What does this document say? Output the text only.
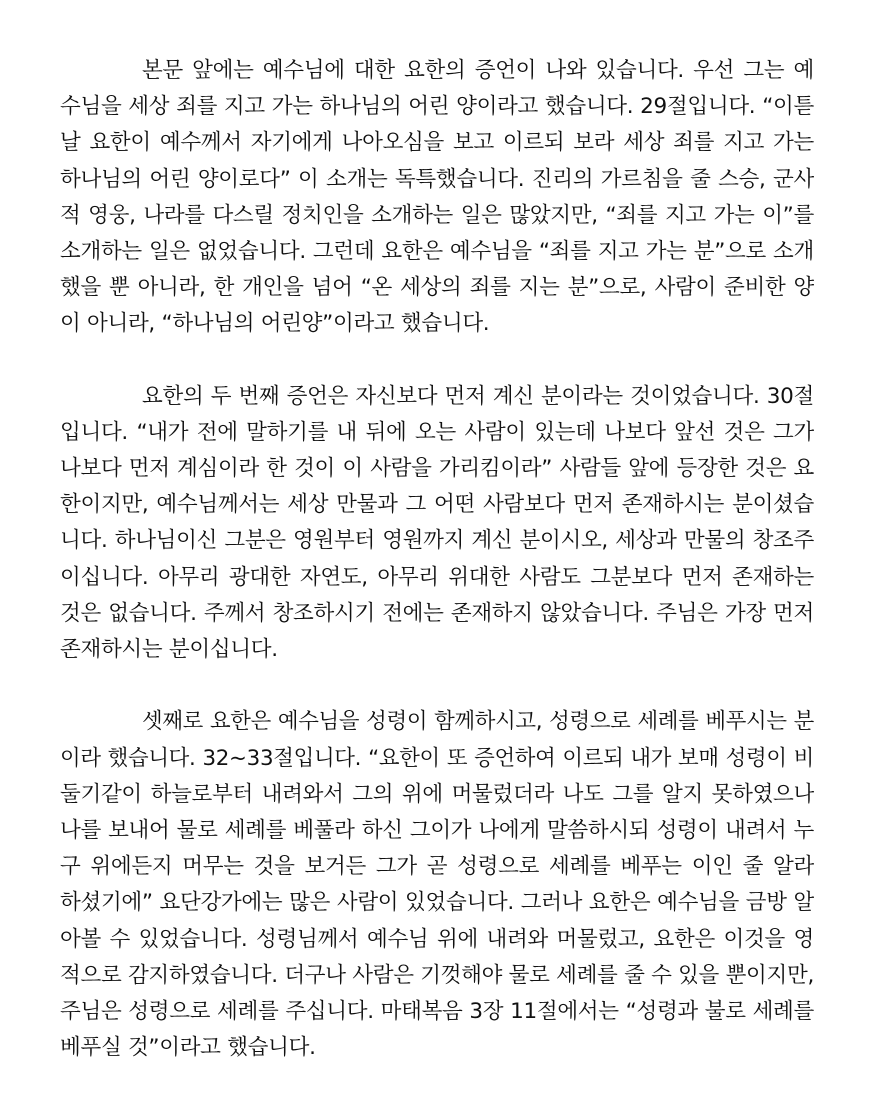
본문 앞에는 예수님에 대한 요한의 증언이 나와 있습니다. 우선 그는 예
수님을 세상 죄를 지고 가는 하나님의 어린 양이라고 했습니다. 29절입니다. “이튿
날 요한이 예수께서 자기에게 나아오심을 보고 이르되 보라 세상 죄를 지고 가는
하나님의 어린 양이로다” 이 소개는 독특했습니다. 진리의 가르침을 줄 스승, 군사
적 영웅, 나라를 다스릴 정치인을 소개하는 일은 많았지만, “죄를 지고 가는 이”를
소개하는 일은 없었습니다. 그런데 요한은 예수님을 “죄를 지고 가는 분”으로 소개
했을 뿐 아니라, 한 개인을 넘어 “온 세상의 죄를 지는 분”으로, 사람이 준비한 양
이 아니라, “하나님의 어린양”이라고 했습니다.
요한의 두 번째 증언은 자신보다 먼저 계신 분이라는 것이었습니다. 30절
입니다. “내가 전에 말하기를 내 뒤에 오는 사람이 있는데 나보다 앞선 것은 그가
나보다 먼저 계심이라 한 것이 이 사람을 가리킴이라” 사람들 앞에 등장한 것은 요
한이지만, 예수님께서는 세상 만물과 그 어떤 사람보다 먼저 존재하시는 분이셨습
니다. 하나님이신 그분은 영원부터 영원까지 계신 분이시오, 세상과 만물의 창조주
이십니다. 아무리 광대한 자연도, 아무리 위대한 사람도 그분보다 먼저 존재하는
것은 없습니다. 주께서 창조하시기 전에는 존재하지 않았습니다. 주님은 가장 먼저
존재하시는 분이십니다.
셋째로 요한은 예수님을 성령이 함께하시고, 성령으로 세례를 베푸시는 분
이라 했습니다. 32~33절입니다. “요한이 또 증언하여 이르되 내가 보매 성령이 비
둘기같이 하늘로부터 내려와서 그의 위에 머물렀더라 나도 그를 알지 못하였으나
나를 보내어 물로 세례를 베풀라 하신 그이가 나에게 말씀하시되 성령이 내려서 누
구 위에든지 머무는 것을 보거든 그가 곧 성령으로 세례를 베푸는 이인 줄 알라
하셨기에” 요단강가에는 많은 사람이 있었습니다. 그러나 요한은 예수님을 금방 알
아볼 수 있었습니다. 성령님께서 예수님 위에 내려와 머물렀고, 요한은 이것을 영
적으로 감지하였습니다. 더구나 사람은 기껏해야 물로 세례를 줄 수 있을 뿐이지만,
주님은 성령으로 세례를 주십니다. 마태복음 3장 11절에서는 “성령과 불로 세례를
베푸실 것”이라고 했습니다.
